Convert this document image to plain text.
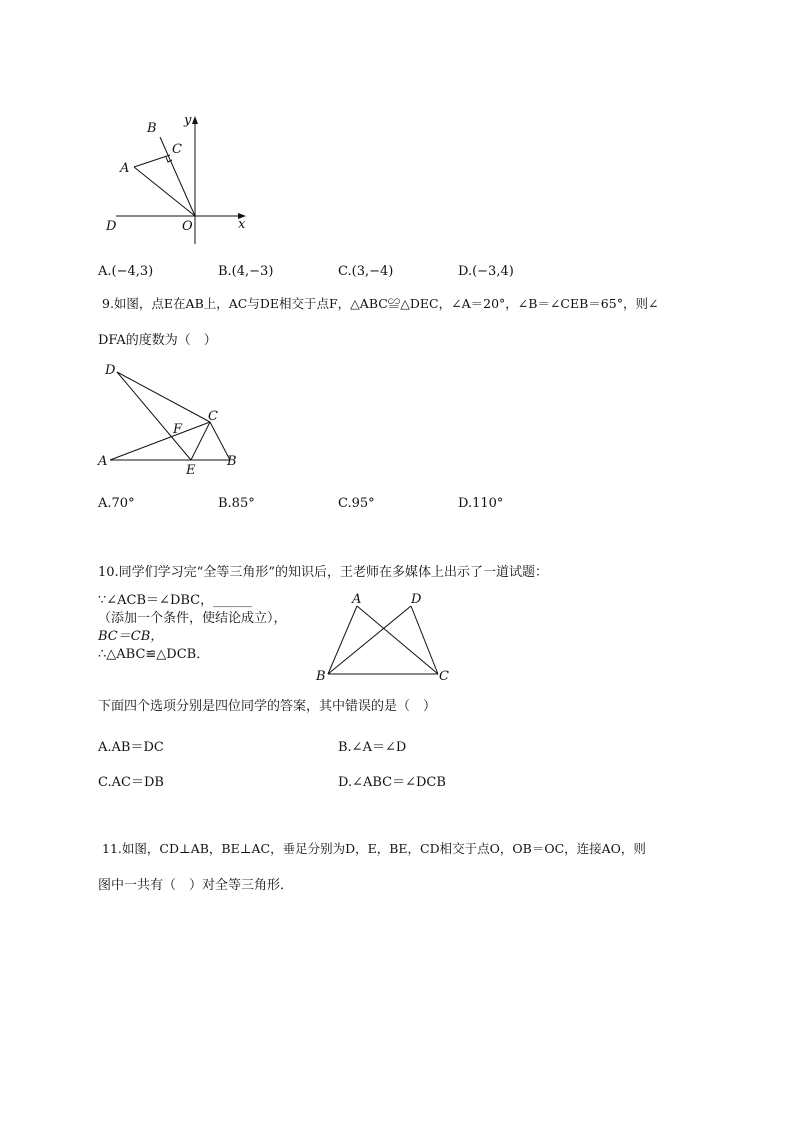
B
y
C
A
D	O	x
A.(−4,3)	B.(4,−3)	C.(3,−4)	D.(−3,4)
9.如图，点E在AB上，AC与DE相交于点F，△ABC≌△DEC，∠A＝20°，∠B＝∠CEB＝65°，则∠
DFA的度数为（　）
D
C
F
A
E
B
A.70°	B.85°	C.95°	D.110°
10.同学们学习完“全等三角形”的知识后，王老师在多媒体上出示了一道试题：
∵∠ACB＝∠DBC，______
（添加一个条件，使结论成立），
BC＝CB，
∴△ABC≌△DCB．
A	D
B	C
下面四个选项分别是四位同学的答案，其中错误的是（　）
A.AB＝DC	B.∠A＝∠D
C.AC＝DB	D.∠ABC＝∠DCB
11.如图，CD⊥AB，BE⊥AC，垂足分别为D，E，BE，CD相交于点O，OB＝OC，连接AO，则
图中一共有（　）对全等三角形．
